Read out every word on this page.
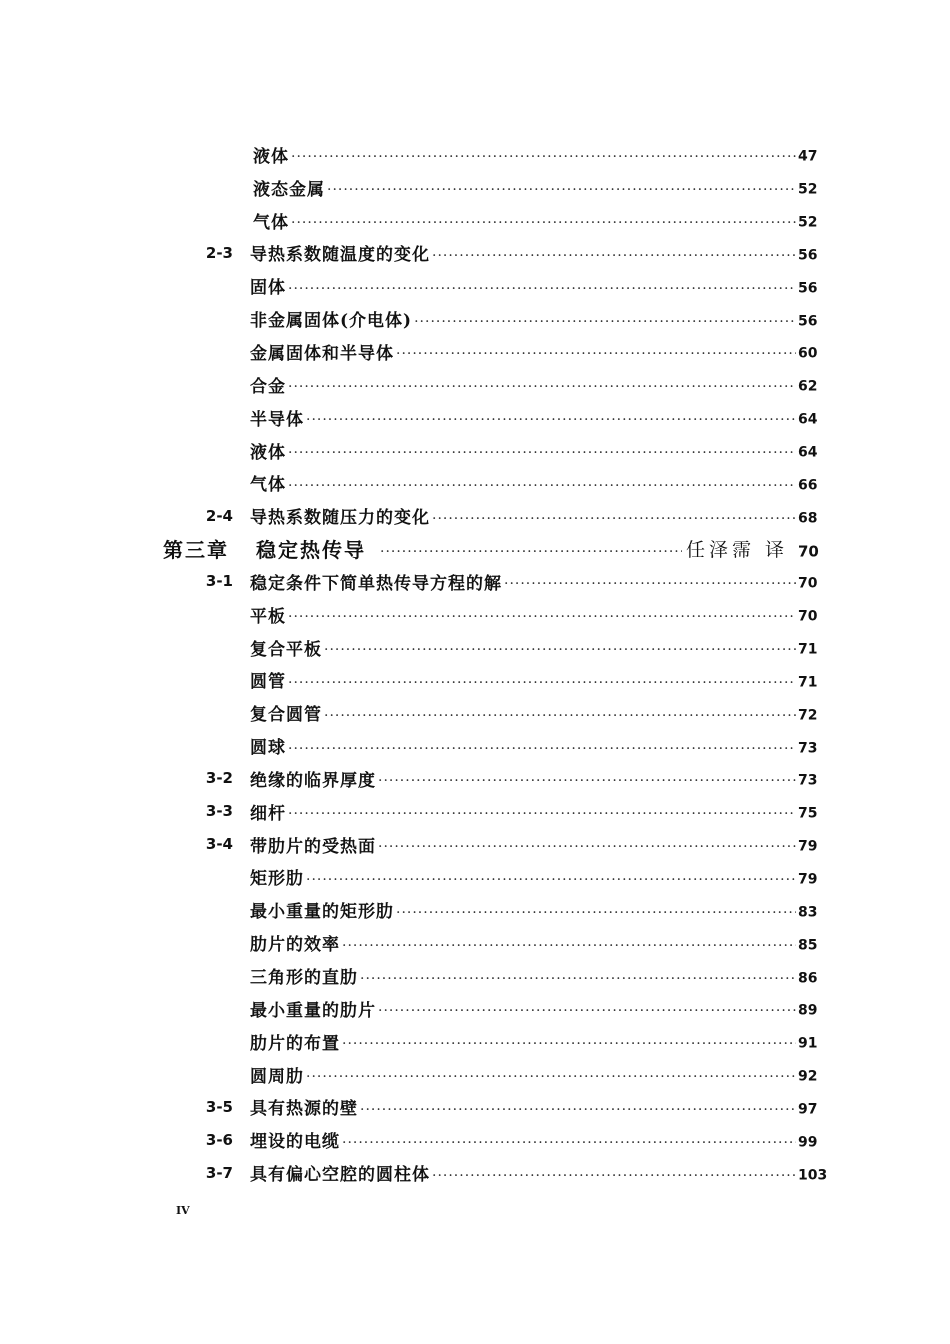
液体 ·····	47
液态金属 ·····	52
气体 ·····	52
2-3 导热系数随温度的变化 ·····	56
固体 ·····	56
非金属固体(介电体) ·····	56
金属固体和半导体 ·····	60
合金 ·····	62
半导体 ·····	64
液体 ·····	64
气体 ·····	66
2-4 导热系数随压力的变化 ·····	68
第三章 稳定热传导 ·····	任泽霈 译 70
3-1 稳定条件下简单热传导方程的解 ·····	70
平板 ·····	70
复合平板 ·····	71
圆管 ·····	71
复合圆管 ·····	72
圆球 ·····	73
3-2 绝缘的临界厚度 ·····	73
3-3 细杆 ·····	75
3-4 带肋片的受热面 ·····	79
矩形肋 ·····	79
最小重量的矩形肋 ·····	83
肋片的效率 ·····	85
三角形的直肋 ·····	86
最小重量的肋片 ·····	89
肋片的布置 ·····	91
圆周肋 ·····	92
3-5 具有热源的壁 ·····	97
3-6 埋设的电缆 ·····	99
3-7 具有偏心空腔的圆柱体 ·····	103
IV
